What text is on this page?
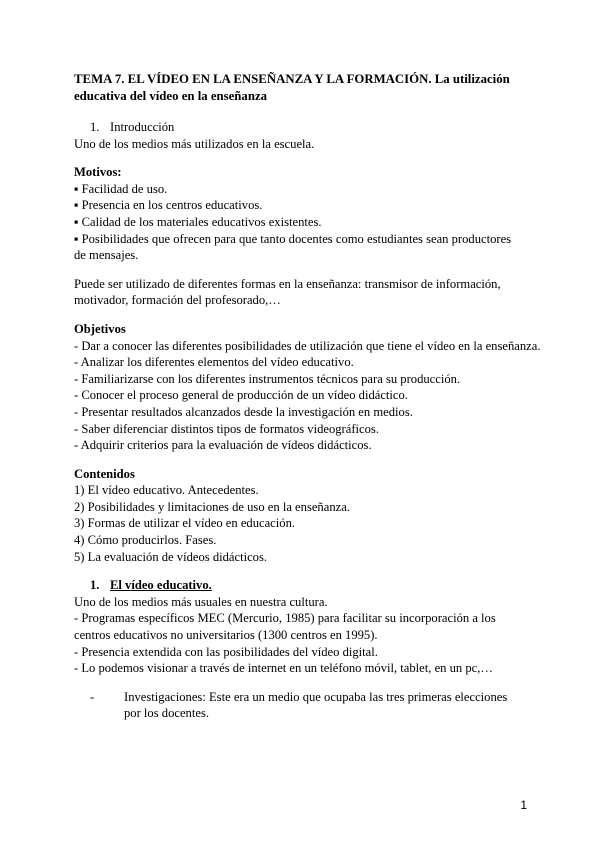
TEMA 7. EL VÍDEO EN LA ENSEÑANZA Y LA FORMACIÓN. La utilización educativa del vídeo en la enseñanza

1. Introducción

Uno de los medios más utilizados en la escuela.

Motivos:

▪ Facilidad de uso.

▪ Presencia en los centros educativos.

▪ Calidad de los materiales educativos existentes.

▪ Posibilidades que ofrecen para que tanto docentes como estudiantes sean productores de mensajes.

Puede ser utilizado de diferentes formas en la enseñanza: transmisor de información, motivador, formación del profesorado,…

Objetivos

- Dar a conocer las diferentes posibilidades de utilización que tiene el vídeo en la enseñanza.

- Analizar los diferentes elementos del vídeo educativo.

- Familiarizarse con los diferentes instrumentos técnicos para su producción.

- Conocer el proceso general de producción de un vídeo didáctico.

- Presentar resultados alcanzados desde la investigación en medios.

- Saber diferenciar distintos tipos de formatos videográficos.

- Adquirir criterios para la evaluación de vídeos didácticos.

Contenidos

1) El vídeo educativo. Antecedentes.

2) Posibilidades y limitaciones de uso en la enseñanza.

3) Formas de utilizar el vídeo en educación.

4) Cómo producirlos. Fases.

5) La evaluación de vídeos didácticos.

1. El vídeo educativo.

Uno de los medios más usuales en nuestra cultura.

- Programas específicos MEC (Mercurio, 1985) para facilitar su incorporación a los centros educativos no universitarios (1300 centros en 1995).

- Presencia extendida con las posibilidades del vídeo digital.

- Lo podemos visionar a través de internet en un teléfono móvil, tablet, en un pc,…

- Investigaciones: Este era un medio que ocupaba las tres primeras elecciones por los docentes.
1
